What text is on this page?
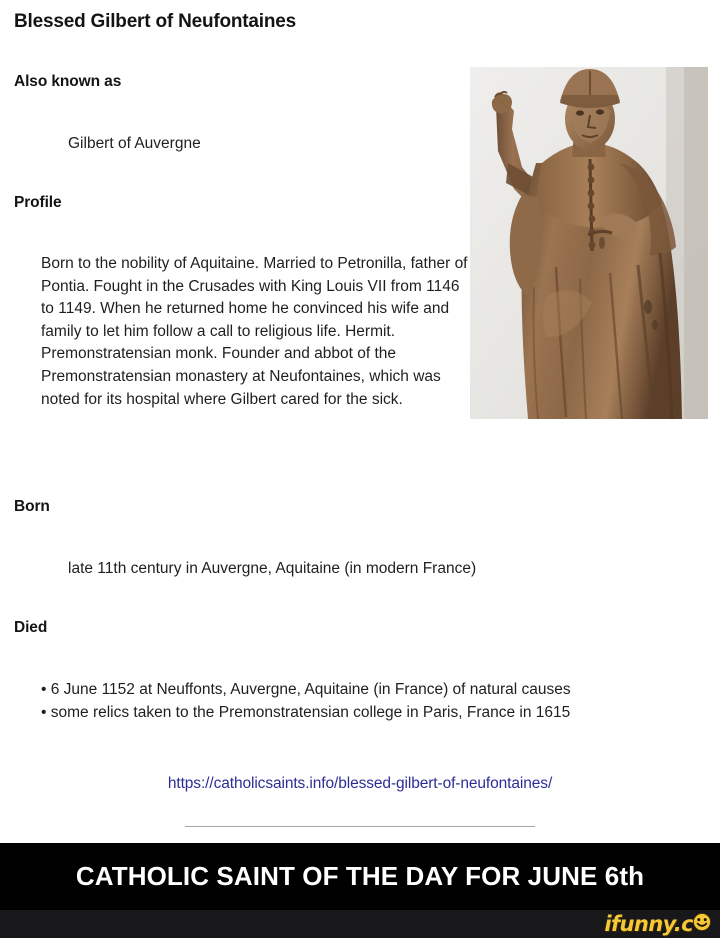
Blessed Gilbert of Neufontaines
Also known as
Gilbert of Auvergne
Profile

Born to the nobility of Aquitaine. Married to Petronilla, father of Pontia. Fought in the Crusades with King Louis VII from 1146 to 1149. When he returned home he convinced his wife and family to let him follow a call to religious life. Hermit. Premonstratensian monk. Founder and abbot of the Premonstratensian monastery at Neufontaines, which was noted for its hospital where Gilbert cared for the sick.

Born
late 11th century in Auvergne, Aquitaine (in modern France)
Died

• 6 June 1152 at Neuffonts, Auvergne, Aquitaine (in France) of natural causes

• some relics taken to the Premonstratensian college in Paris, France in 1615

https://catholicsaints.info/blessed-gilbert-of-neufontaines/
CATHOLIC SAINT OF THE DAY FOR JUNE 6th
ifunny.c
